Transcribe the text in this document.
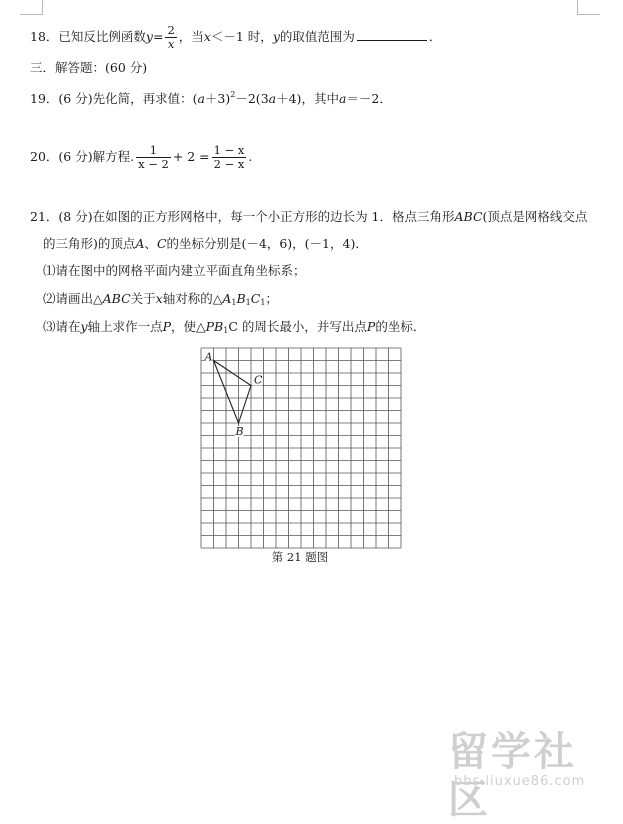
18．已知反比例函数$y= \frac{2}{x}$ ，当x＜－1 时，y的取值范围为	．
三．解答题：(60 分)
19．(6 分)先化简，再求值：$(a+3)^2-2(3a+4)$，其中a＝－2．
20．(6 分)解方程. $\frac{1}{x - 2} + 2 = \frac{1 - x}{2 - x}$ .
21．(8 分)在如图的正方形网格中，每一个小正方形的边长为 1．格点三角形ABC(顶点是网格线交点
的三角形)的顶点A、C的坐标分别是(－4，6)，(－1，4)．
⑴请在图中的网格平面内建立平面直角坐标系；
⑵请画出△ABC关于x轴对称的$\triangle A_1B_1C_1$；
⑶请在y轴上求作一点P，使$\triangle PB_1C$ 的周长最小，并写出点P的坐标．
A
B
C
第 21 题图
留学社区
bbs.liuxue86.com
